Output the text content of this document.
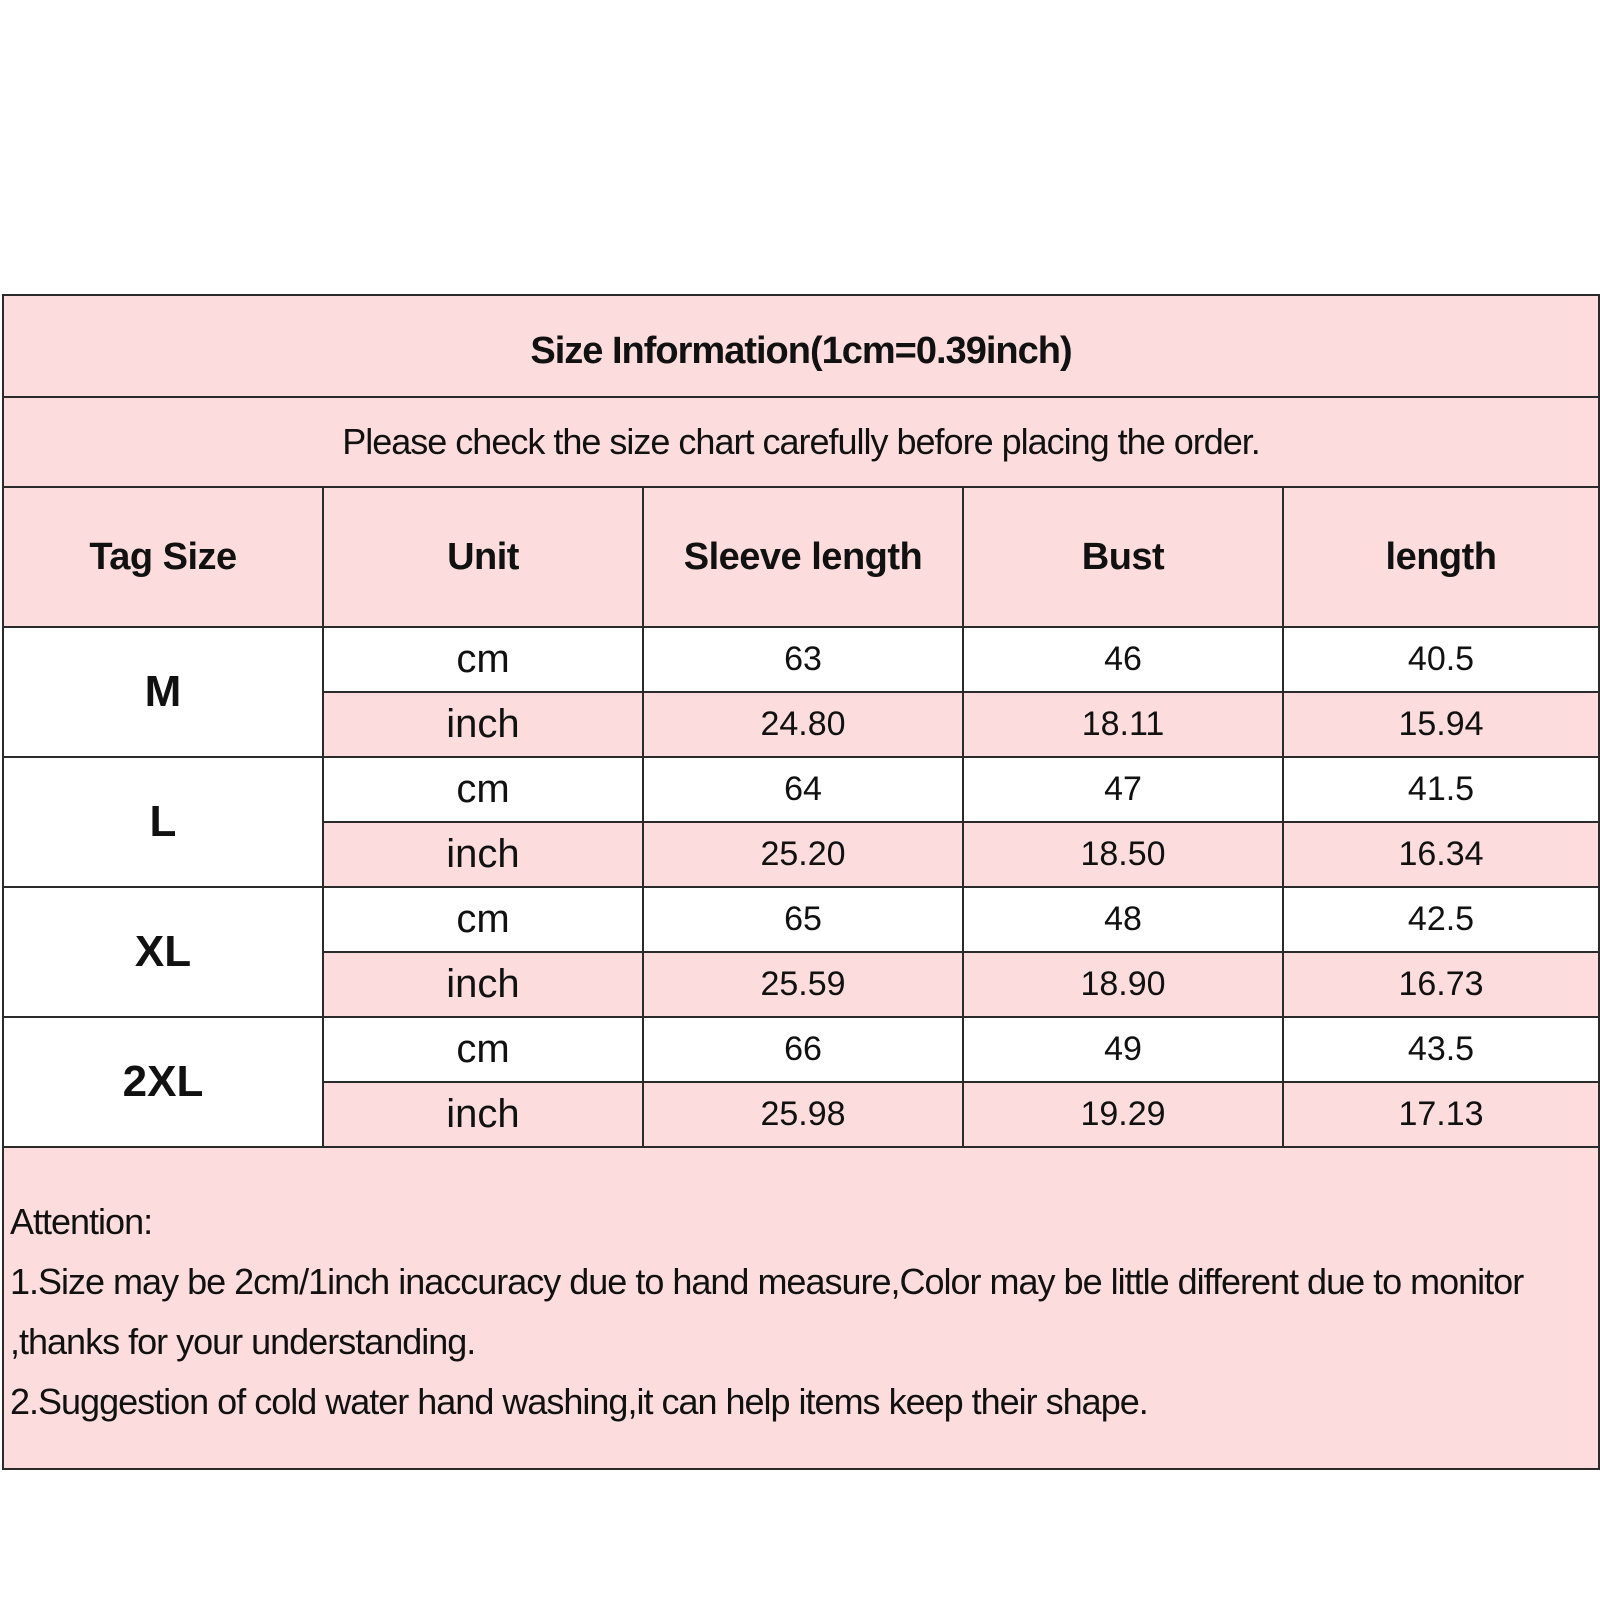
Size Information(1cm=0.39inch)				
Please check the size chart carefully before placing the order.				
Tag Size	Unit	Sleeve length	Bust	length
M	cm	63	46	40.5
	inch	24.80	18.11	15.94
L	cm	64	47	41.5
	inch	25.20	18.50	16.34
XL	cm	65	48	42.5
	inch	25.59	18.90	16.73
2XL	cm	66	49	43.5
	inch	25.98	19.29	17.13

Attention:
1.Size may be 2cm/1inch inaccuracy due to hand measure,Color may be little different due to monitor
,thanks for your understanding.
2.Suggestion of cold water hand washing,it can help items keep their shape.				
